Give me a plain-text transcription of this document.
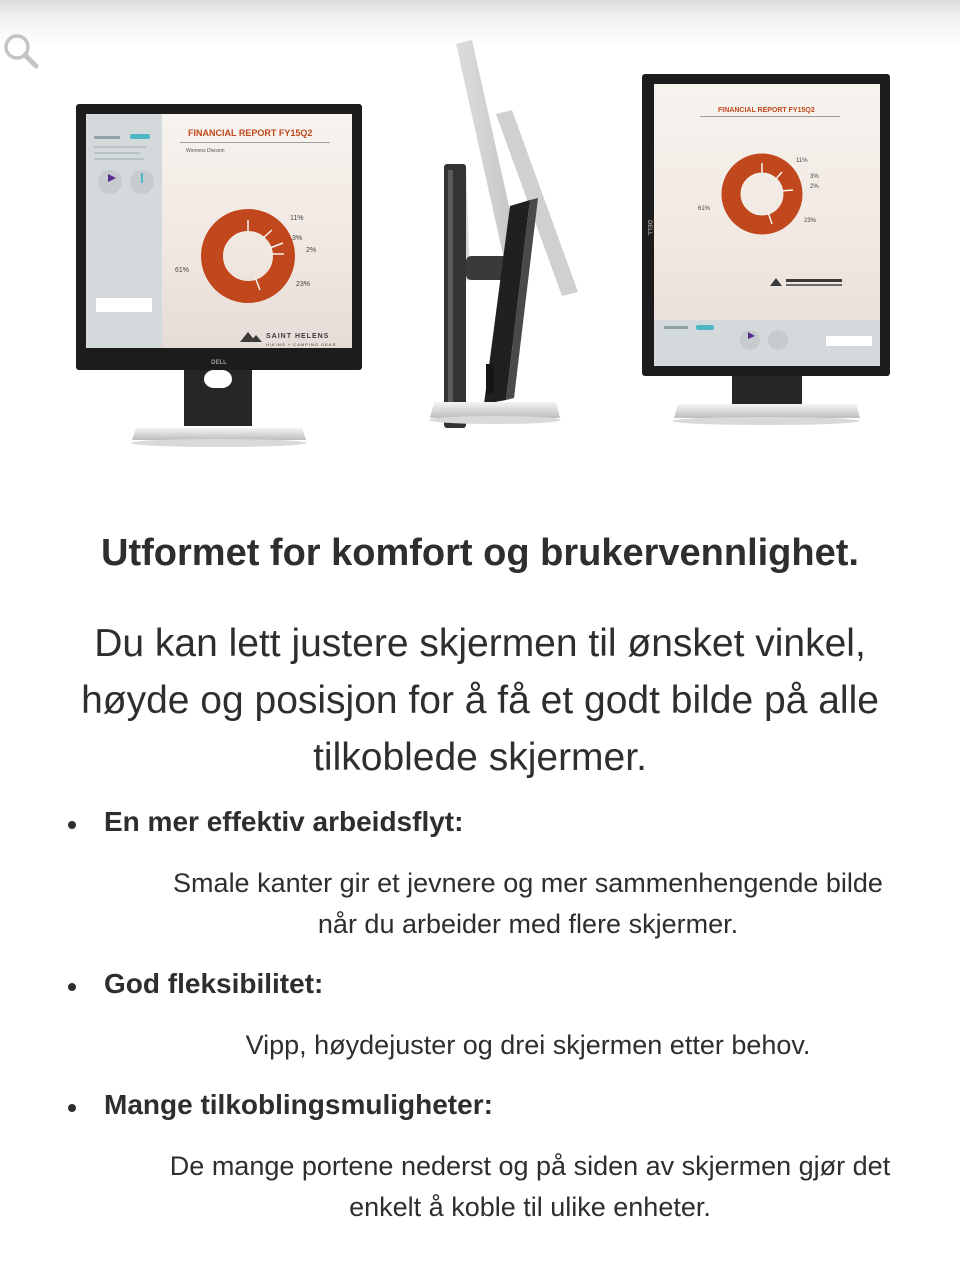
FINANCIAL REPORT FY15Q2
Womens Division
11%
3%
2%
61%
23%
SAINT HELENS
HIKING + CAMPING GEAR
DELL
FINANCIAL REPORT FY15Q2
11%
3%
2%
61%
23%
DELL
Utformet for komfort og brukervennlighet.

Du kan lett justere skjermen til ønsket vinkel, høyde og posisjon for å få et godt bilde på alle tilkoblede skjermer.

En mer effektiv arbeidsflyt:
Smale kanter gir et jevnere og mer sammenhengende bilde når du arbeider med flere skjermer.
God fleksibilitet:
Vipp, høydejuster og drei skjermen etter behov.
Mange tilkoblingsmuligheter:
De mange portene nederst og på siden av skjermen gjør det enkelt å koble til ulike enheter.
